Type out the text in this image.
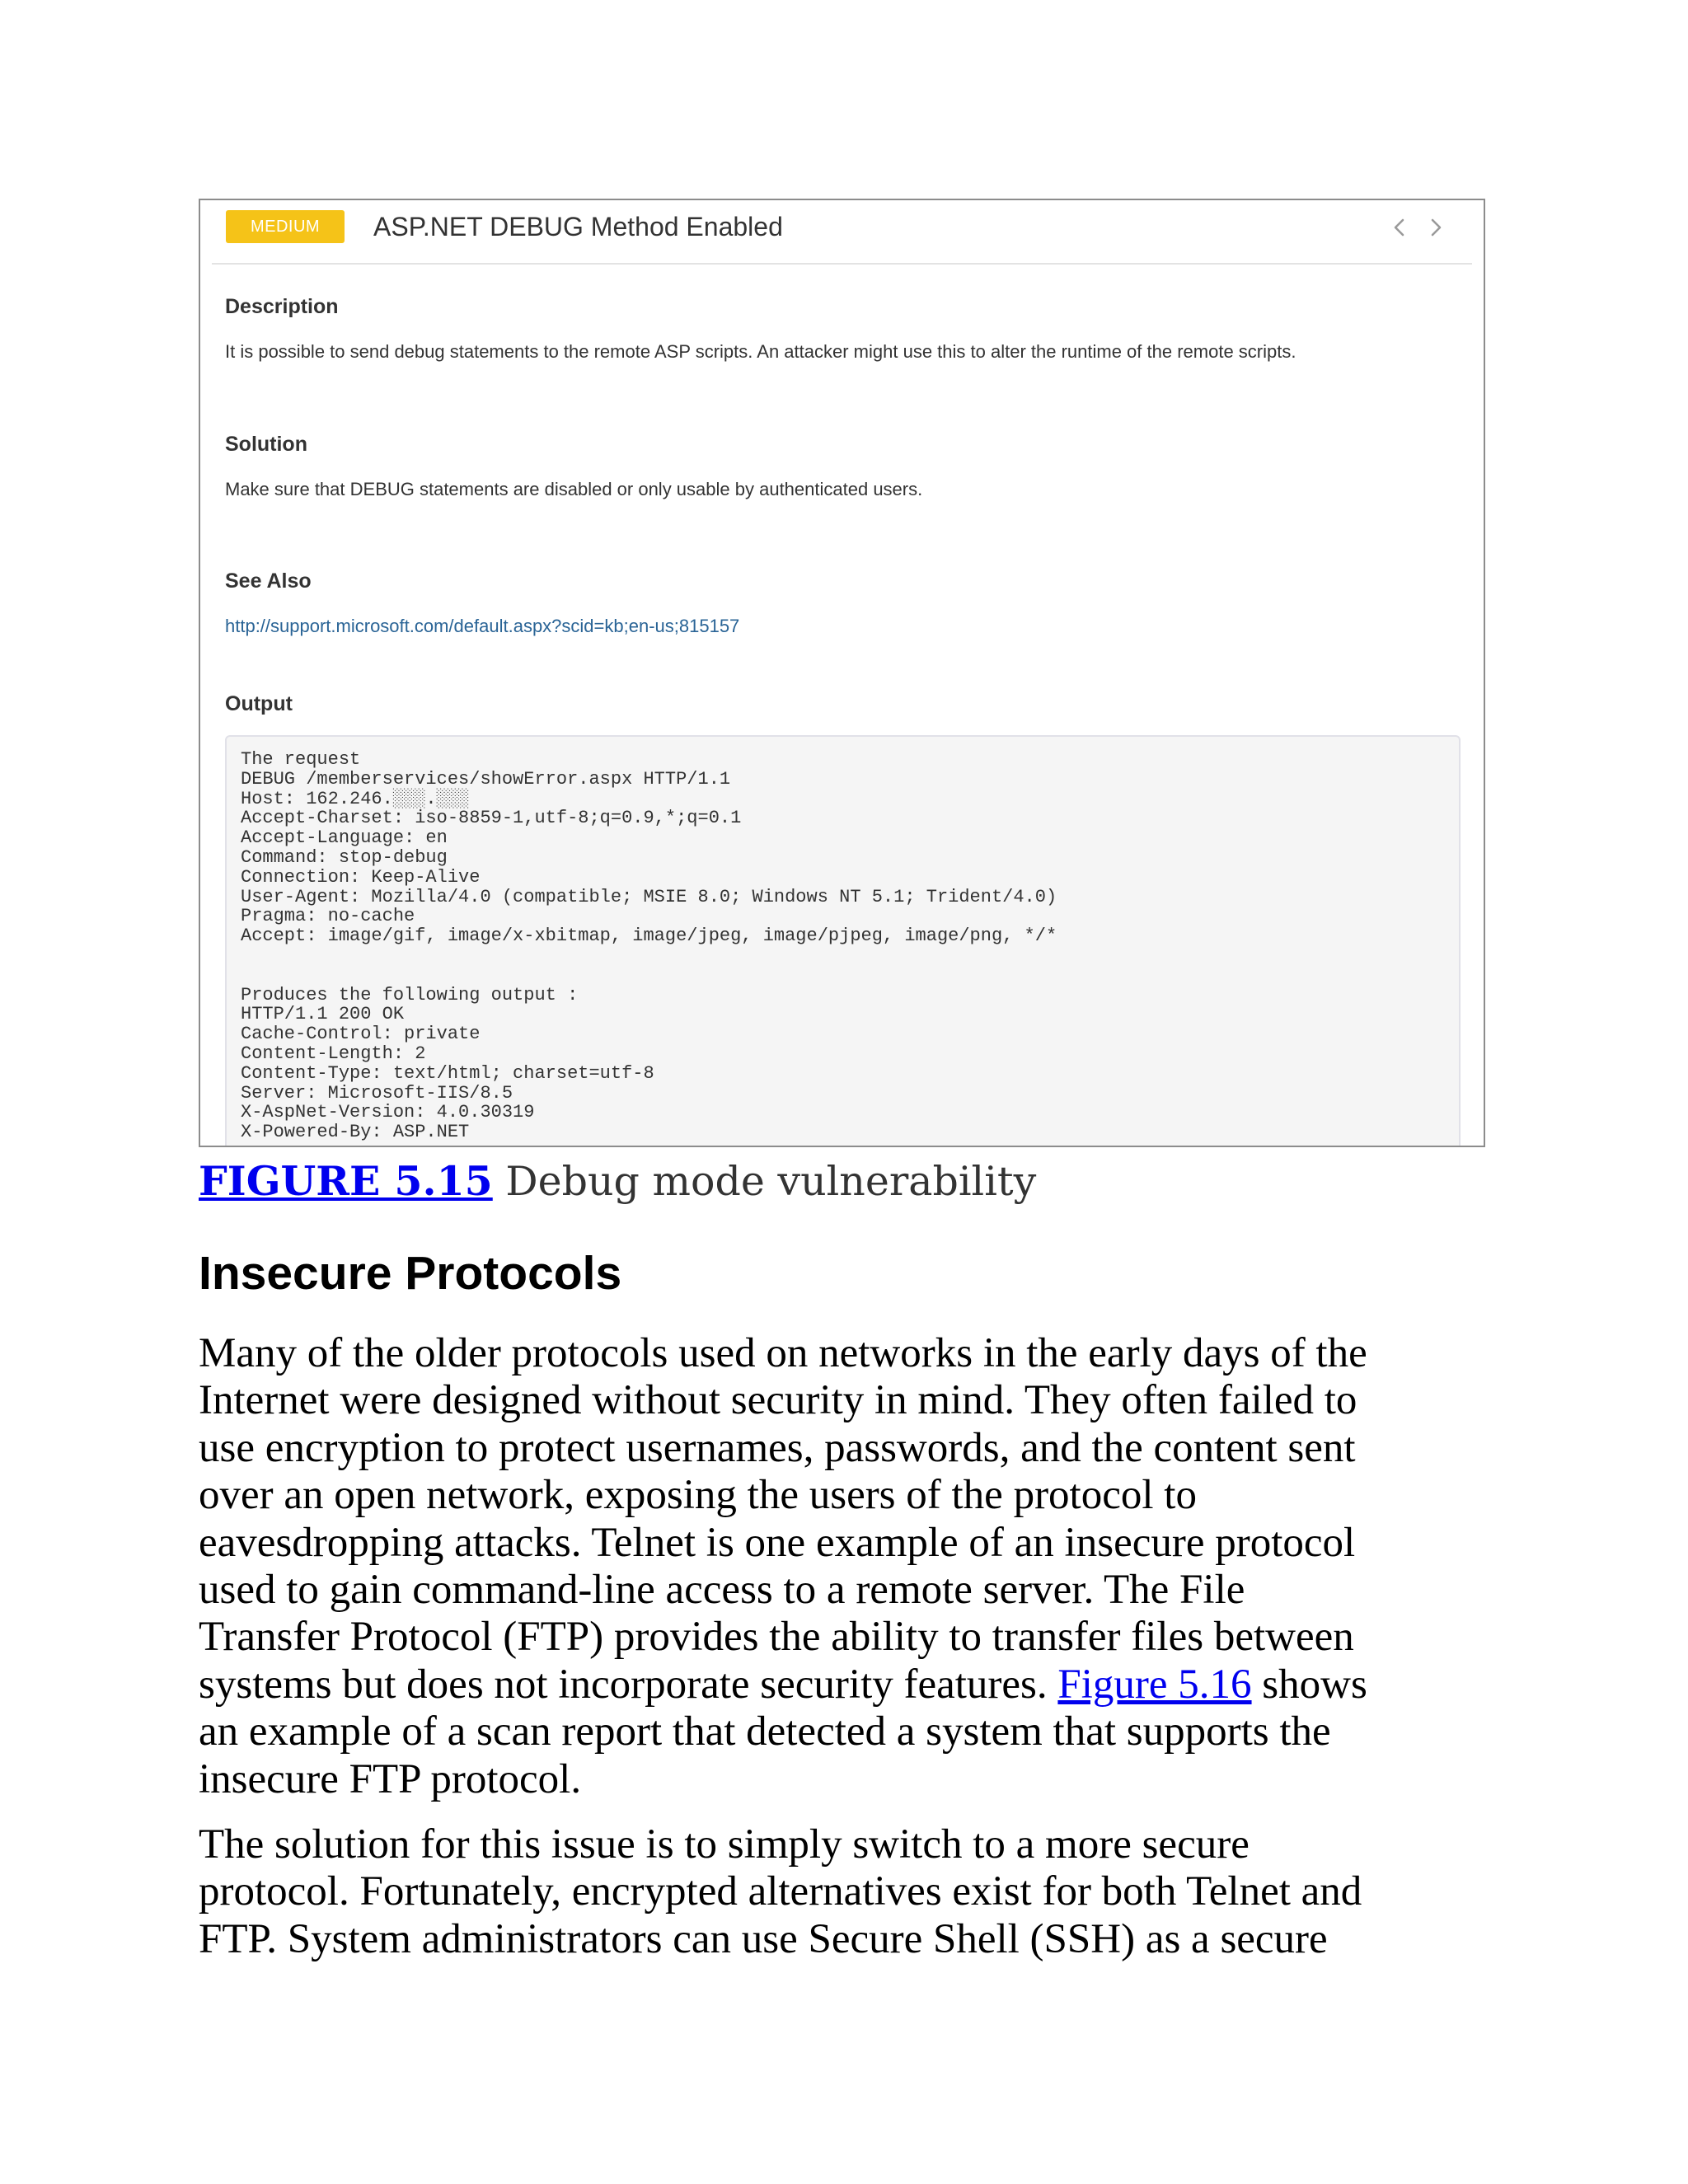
MEDIUM	ASP.NET DEBUG Method Enabled
Description
It is possible to send debug statements to the remote ASP scripts. An attacker might use this to alter the runtime of the remote scripts.
Solution
Make sure that DEBUG statements are disabled or only usable by authenticated users.
See Also
http://support.microsoft.com/default.aspx?scid=kb;en-us;815157
Output
The request
DEBUG /memberservices/showError.aspx HTTP/1.1
Host: 162.246.░░░.░░░
Accept-Charset: iso-8859-1,utf-8;q=0.9,*;q=0.1
Accept-Language: en
Command: stop-debug
Connection: Keep-Alive
User-Agent: Mozilla/4.0 (compatible; MSIE 8.0; Windows NT 5.1; Trident/4.0)
Pragma: no-cache
Accept: image/gif, image/x-xbitmap, image/jpeg, image/pjpeg, image/png, */*

Produces the following output :
HTTP/1.1 200 OK
Cache-Control: private
Content-Length: 2
Content-Type: text/html; charset=utf-8
Server: Microsoft-IIS/8.5
X-AspNet-Version: 4.0.30319
X-Powered-By: ASP.NET
FIGURE 5.15 Debug mode vulnerability
Insecure Protocols
Many of the older protocols used on networks in the early days of the
Internet were designed without security in mind. They often failed to
use encryption to protect usernames, passwords, and the content sent
over an open network, exposing the users of the protocol to
eavesdropping attacks. Telnet is one example of an insecure protocol
used to gain command-line access to a remote server. The File
Transfer Protocol (FTP) provides the ability to transfer files between
systems but does not incorporate security features. Figure 5.16 shows
an example of a scan report that detected a system that supports the
insecure FTP protocol.
The solution for this issue is to simply switch to a more secure
protocol. Fortunately, encrypted alternatives exist for both Telnet and
FTP. System administrators can use Secure Shell (SSH) as a secure
